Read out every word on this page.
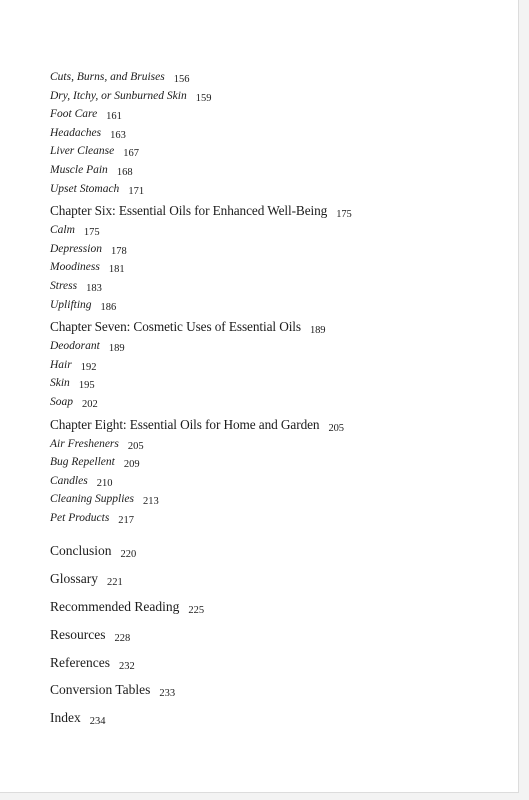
Cuts, Burns, and Bruises 156
Dry, Itchy, or Sunburned Skin 159
Foot Care 161
Headaches 163
Liver Cleanse 167
Muscle Pain 168
Upset Stomach 171
Chapter Six: Essential Oils for Enhanced Well-Being 175
Calm 175
Depression 178
Moodiness 181
Stress 183
Uplifting 186
Chapter Seven: Cosmetic Uses of Essential Oils 189
Deodorant 189
Hair 192
Skin 195
Soap 202
Chapter Eight: Essential Oils for Home and Garden 205
Air Fresheners 205
Bug Repellent 209
Candles 210
Cleaning Supplies 213
Pet Products 217
Conclusion 220
Glossary 221
Recommended Reading 225
Resources 228
References 232
Conversion Tables 233
Index 234
